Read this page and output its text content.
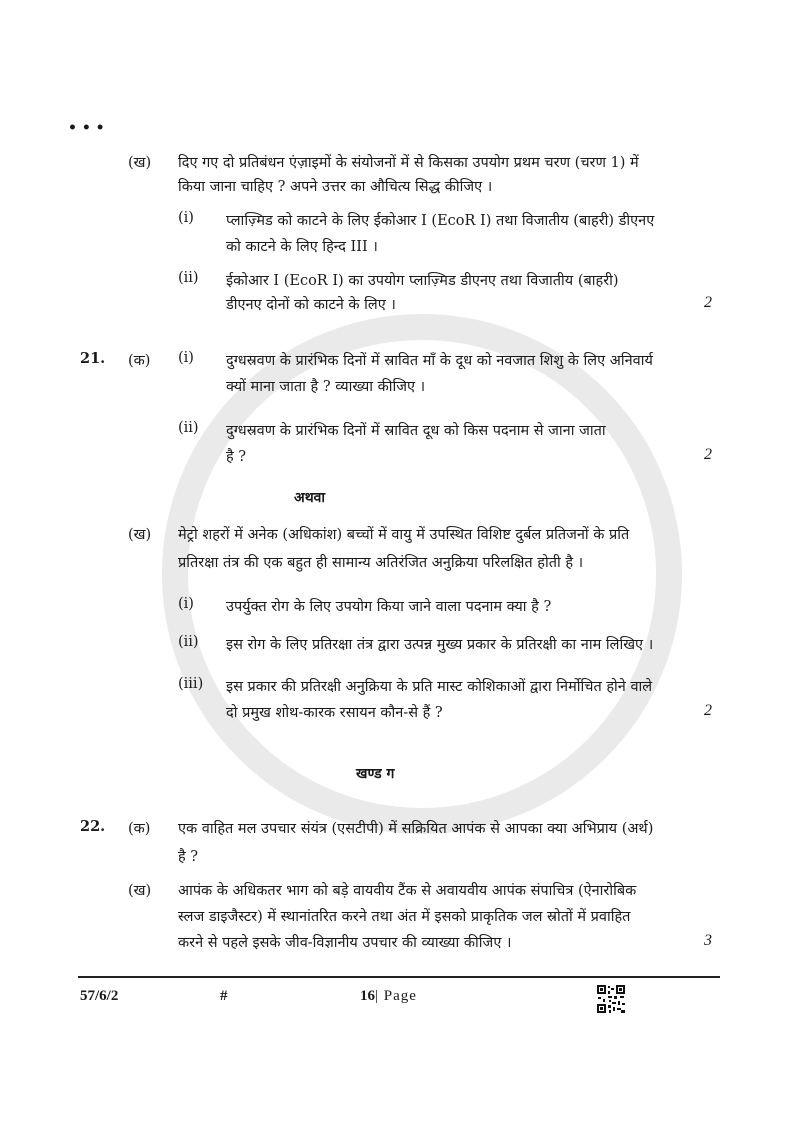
• • •
(ख) दिए गए दो प्रतिबंधन एंज़ाइमों के संयोजनों में से किसका उपयोग प्रथम चरण (चरण 1) में
किया जाना चाहिए ? अपने उत्तर का औचित्य सिद्ध कीजिए ।
(i) प्लाज़्मिड को काटने के लिए ईकोआर I (EcoR I) तथा विजातीय (बाहरी) डीएनए
को काटने के लिए हिन्द III ।
(ii) ईकोआर I (EcoR I) का उपयोग प्लाज़्मिड डीएनए तथा विजातीय (बाहरी)
डीएनए दोनों को काटने के लिए ।	2
21. (क) (i) दुग्धस्रवण के प्रारंभिक दिनों में स्रावित माँ के दूध को नवजात शिशु के लिए अनिवार्य
क्यों माना जाता है ? व्याख्या कीजिए ।
(ii) दुग्धस्रवण के प्रारंभिक दिनों में स्रावित दूध को किस पदनाम से जाना जाता
है ?	2
अथवा
(ख) मेट्रो शहरों में अनेक (अधिकांश) बच्चों में वायु में उपस्थित विशिष्ट दुर्बल प्रतिजनों के प्रति
प्रतिरक्षा तंत्र की एक बहुत ही सामान्य अतिरंजित अनुक्रिया परिलक्षित होती है ।
(i) उपर्युक्त रोग के लिए उपयोग किया जाने वाला पदनाम क्या है ?
(ii) इस रोग के लिए प्रतिरक्षा तंत्र द्वारा उत्पन्न मुख्य प्रकार के प्रतिरक्षी का नाम लिखिए ।
(iii) इस प्रकार की प्रतिरक्षी अनुक्रिया के प्रति मास्ट कोशिकाओं द्वारा निर्मोचित होने वाले
दो प्रमुख शोथ-कारक रसायन कौन-से हैं ?	2
खण्ड ग
22. (क) एक वाहित मल उपचार संयंत्र (एसटीपी) में सक्रियित आपंक से आपका क्या अभिप्राय (अर्थ)
है ?
(ख) आपंक के अधिकतर भाग को बड़े वायवीय टैंक से अवायवीय आपंक संपाचित्र (ऐनारोबिक
स्लज डाइजैस्टर) में स्थानांतरित करने तथा अंत में इसको प्राकृतिक जल स्रोतों में प्रवाहित
करने से पहले इसके जीव-विज्ञानीय उपचार की व्याख्या कीजिए ।	3
57/6/2	#	16| Page
